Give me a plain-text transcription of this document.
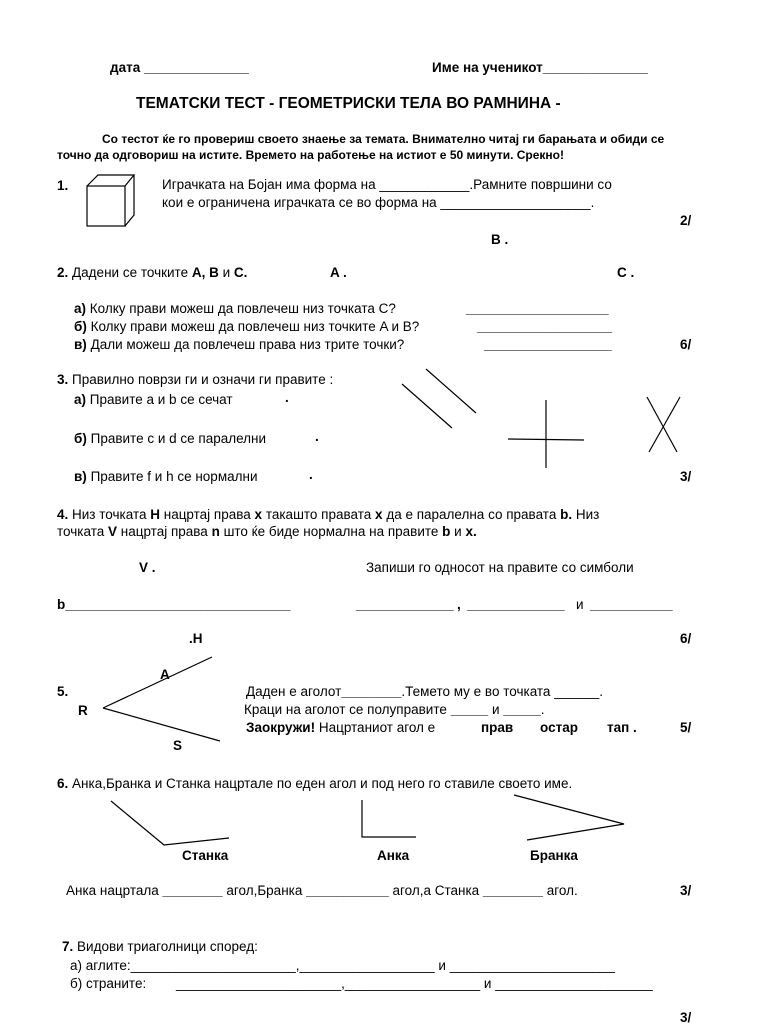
дата ______________	Име на ученикот______________
ТЕМАТСКИ ТЕСТ - ГЕОМЕТРИСКИ ТЕЛА ВО РАМНИНА -
Со тестот ќе го провериш своето знаење за темата. Внимателно читај ги барањата и обиди се
точно да одговориш на истите. Времето на работење на истиот е 50 минути. Срекно!
1.	Играчката на Бојан има форма на ____________.Рамните површини со
кои е ограничена играчката се во форма на ____________________.
2/
B .
2. Дадени се точките A, B и C.	A .	C .
а) Колку прави можеш да повлечеш низ точката C?	___________________
б) Колку прави можеш да повлечеш низ точките A и B?	__________________
в) Дали можеш да повлечеш права низ трите точки?	_________________	6/
3. Правилно поврзи ги и означи ги правите :
а) Правите а и b се сечат	.
б) Правите c и d се паралелни	.
в) Правите f и h се нормални	.	3/
4. Низ точката H нацртај права x такашто правата x да е паралелна со правата b. Низ
точката V нацртај права n што ќе биде нормална на правите b и x.
V .	Запиши го односот на правите со симболи
b______________________________	_____________ , _____________ и ___________
.H	6/
5.
A
R
S
Даден е аголот________.Темето му е во точката ______.
Краци на аголот се полуправите _____ и _____.
Заокружи! Нацртаниот агол е	прав остар тап .	5/
6. Анка,Бранка и Станка нацртале по еден агол и под него го ставиле своето име.
Станка	Анка	Бранка
Анка нацртала ________ агол,Бранка ___________ агол,а Станка ________ агол.	3/
7. Видови триаголници според:
а) аглите:______________________,__________________ и ______________________
б) страните: ______________________,__________________ и _____________________
3/
